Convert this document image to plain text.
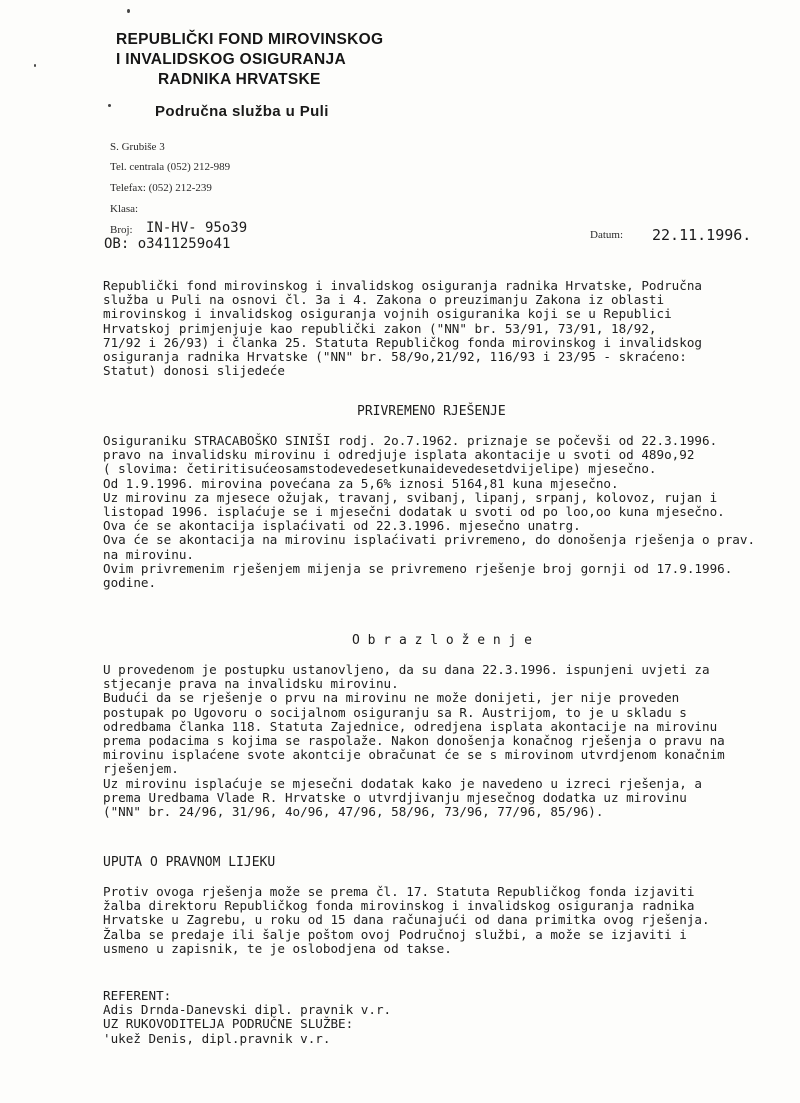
REPUBLIČKI FOND MIROVINSKOG
I INVALIDSKOG OSIGURANJA
RADNIKA HRVATSKE
Područna služba u Puli
S. Grubiše 3
Tel. centrala (052) 212-989
Telefax: (052) 212-239
Klasa:
Broj: IN-HV- 95o39
OB: o3411259o41
Datum: 22.11.1996.
Republički fond mirovinskog i invalidskog osiguranja radnika Hrvatske, Područna
služba u Puli na osnovi čl. 3a i 4. Zakona o preuzimanju Zakona iz oblasti
mirovinskog i invalidskog osiguranja vojnih osiguranika koji se u Republici
Hrvatskoj primjenjuje kao republički zakon ("NN" br. 53/91, 73/91, 18/92,
71/92 i 26/93) i članka 25. Statuta Republičkog fonda mirovinskog i invalidskog
osiguranja radnika Hrvatske ("NN" br. 58/9o,21/92, 116/93 i 23/95 - skraćeno:
Statut) donosi slijedeće
PRIVREMENO RJEŠENJE
Osiguraniku STRACABOŠKO SINIŠI rodj. 2o.7.1962. priznaje se počevši od 22.3.1996.
pravo na invalidsku mirovinu i odredjuje isplata akontacije u svoti od 489o,92
( slovima: četiritisućeosamstodevedesetkunaidevedesetdvijelipe) mjesečno.
Od 1.9.1996. mirovina povećana za 5,6% iznosi 5164,81 kuna mjesečno.
Uz mirovinu za mjesece ožujak, travanj, svibanj, lipanj, srpanj, kolovoz, rujan i
listopad 1996. isplaćuje se i mjesečni dodatak u svoti od po loo,oo kuna mjesečno.
Ova će se akontacija isplaćivati od 22.3.1996. mjesečno unatrg.
Ova će se akontacija na mirovinu isplaćivati privremeno, do donošenja rješenja o prav.
na mirovinu.
Ovim privremenim rješenjem mijenja se privremeno rješenje broj gornji od 17.9.1996.
godine.
O b r a z l o ž e n j e
U provedenom je postupku ustanovljeno, da su dana 22.3.1996. ispunjeni uvjeti za
stjecanje prava na invalidsku mirovinu.
Budući da se rješenje o prvu na mirovinu ne može donijeti, jer nije proveden
postupak po Ugovoru o socijalnom osiguranju sa R. Austrijom, to je u skladu s
odredbama članka 118. Statuta Zajednice, odredjena isplata akontacije na mirovinu
prema podacima s kojima se raspolaže. Nakon donošenja konačnog rješenja o pravu na
mirovinu isplaćene svote akontcije obračunat će se s mirovinom utvrdjenom konačnim
rješenjem.
Uz mirovinu isplaćuje se mjesečni dodatak kako je navedeno u izreci rješenja, a
prema Uredbama Vlade R. Hrvatske o utvrdjivanju mjesečnog dodatka uz mirovinu
("NN" br. 24/96, 31/96, 4o/96, 47/96, 58/96, 73/96, 77/96, 85/96).
UPUTA O PRAVNOM LIJEKU
Protiv ovoga rješenja može se prema čl. 17. Statuta Republičkog fonda izjaviti
žalba direktoru Republičkog fonda mirovinskog i invalidskog osiguranja radnika
Hrvatske u Zagrebu, u roku od 15 dana računajući od dana primitka ovog rješenja.
Žalba se predaje ili šalje poštom ovoj Područnoj službi, a može se izjaviti i
usmeno u zapisnik, te je oslobodjena od takse.
REFERENT:
Adis Drnda-Danevski dipl. pravnik v.r.
UZ RUKOVODITELJA PODRUČNE SLUŽBE:
'ukež Denis, dipl.pravnik v.r.
